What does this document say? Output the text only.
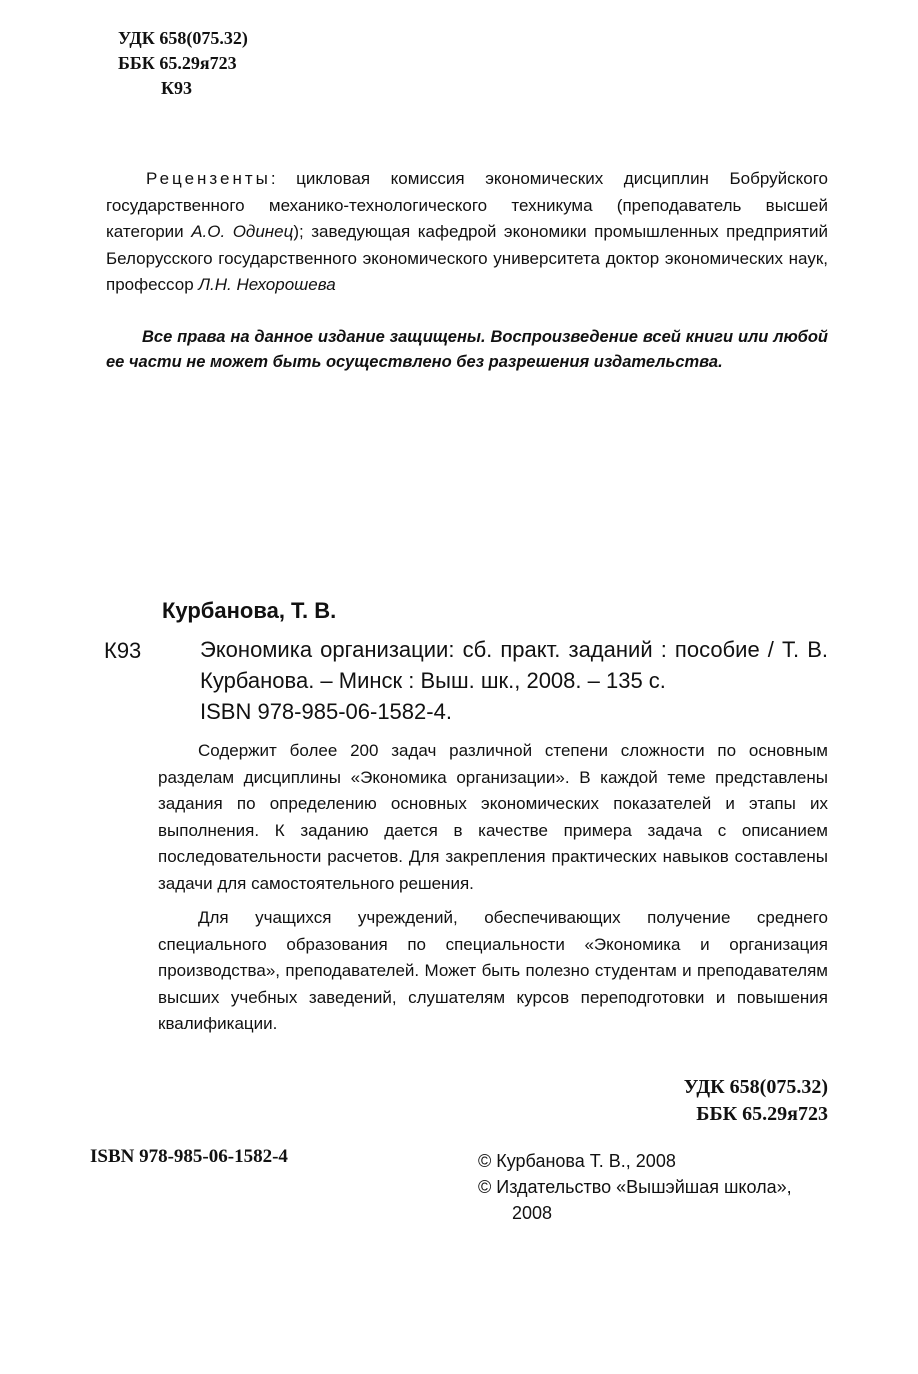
УДК 658(075.32)
ББК 65.29я723
К93
Рецензенты: цикловая комиссия экономических дисциплин Бобруйского государственного механико-технологического техникума (преподаватель высшей категории А.О. Одинец); заведующая кафедрой экономики промышленных предприятий Белорусского государственного экономического университета доктор экономических наук, профессор Л.Н. Нехорошева
Все права на данное издание защищены. Воспроизведение всей книги или любой ее части не может быть осуществлено без разрешения издательства.
Курбанова, Т. В.
К93	Экономика организации: сб. практ. заданий : пособие / Т. В. Курбанова. – Минск : Выш. шк., 2008. – 135 с.
ISBN 978-985-06-1582-4.

Содержит более 200 задач различной степени сложности по основным разделам дисциплины «Экономика организации». В каждой теме представлены задания по определению основных экономических показателей и этапы их выполнения. К заданию дается в качестве примера задача с описанием последовательности расчетов. Для закрепления практических навыков составлены задачи для самостоятельного решения.

Для учащихся учреждений, обеспечивающих получение среднего специального образования по специальности «Экономика и организация производства», преподавателей. Может быть полезно студентам и преподавателям высших учебных заведений, слушателям курсов переподготовки и повышения квалификации.

УДК 658(075.32)
ББК 65.29я723
ISBN 978-985-06-1582-4	© Курбанова Т. В., 2008
© Издательство «Вышэйшая школа»,
2008
